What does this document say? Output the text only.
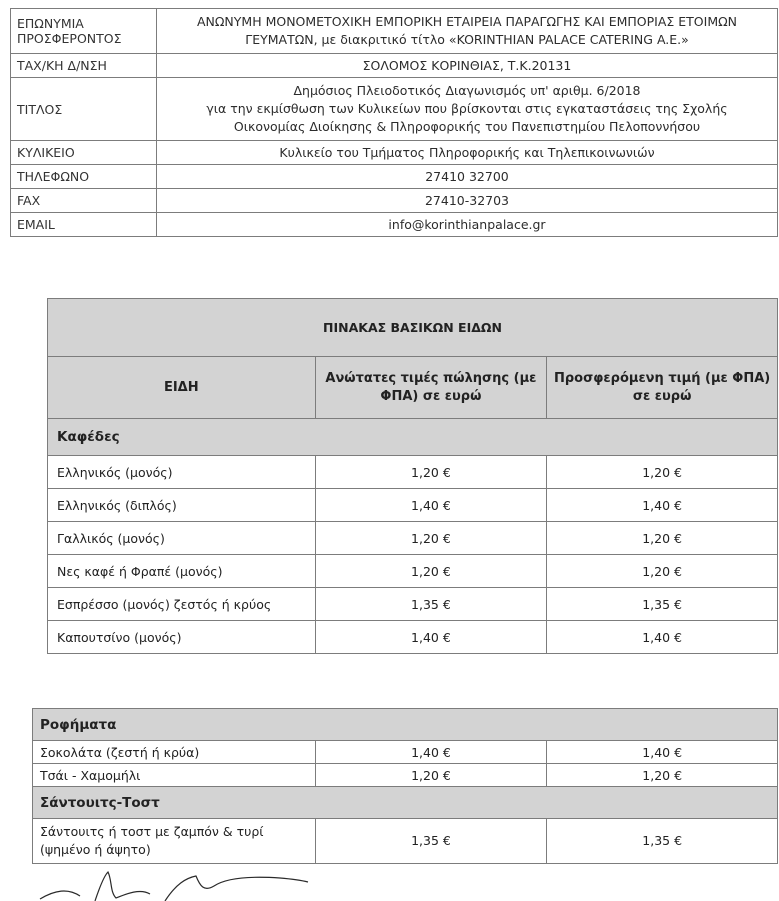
ΕΠΩΝΥΜΙΑ ΠΡΟΣΦΕΡΟΝΤΟΣ	ΑΝΩΝΥΜΗ ΜΟΝΟΜΕΤΟΧΙΚΗ ΕΜΠΟΡΙΚΗ ΕΤΑΙΡΕΙΑ ΠΑΡΑΓΩΓΗΣ ΚΑΙ ΕΜΠΟΡΙΑΣ ΕΤΟΙΜΩΝ
ΓΕΥΜΑΤΩΝ, με διακριτικό τίτλο «KORINTHIAN PALACE CATERING A.E.»

ΤΑΧ/ΚΗ Δ/ΝΣΗ	ΣΟΛΟΜΟΣ ΚΟΡΙΝΘΙΑΣ, Τ.Κ.20131
ΤΙΤΛΟΣ	Δημόσιος Πλειοδοτικός Διαγωνισμός υπ' αριθμ. 6/2018
για την εκμίσθωση των Κυλικείων που βρίσκονται στις εγκαταστάσεις της Σχολής
Οικονομίας Διοίκησης & Πληροφορικής του Πανεπιστημίου Πελοποννήσου

ΚΥΛΙΚΕΙΟ	Κυλικείο του Τμήματος Πληροφορικής και Τηλεπικοινωνιών
ΤΗΛΕΦΩΝΟ	27410 32700
FAX	27410-32703
EMAIL	info@korinthianpalace.gr
ΠΙΝΑΚΑΣ ΒΑΣΙΚΩΝ ΕΙΔΩΝ		
ΕΙΔΗ	Ανώτατες τιμές πώλησης (με ΦΠΑ) σε ευρώ	Προσφερόμενη τιμή (με ΦΠΑ) σε ευρώ
Καφέδες		
Ελληνικός (μονός)	1,20 €	1,20 €
Ελληνικός (διπλός)	1,40 €	1,40 €
Γαλλικός (μονός)	1,20 €	1,20 €
Νες καφέ ή Φραπέ (μονός)	1,20 €	1,20 €
Εσπρέσσο (μονός) ζεστός ή κρύος	1,35 €	1,35 €
Καπουτσίνο (μονός)	1,40 €	1,40 €
Ροφήματα		
Σοκολάτα (ζεστή ή κρύα)	1,40 €	1,40 €
Τσάι - Χαμομήλι	1,20 €	1,20 €
Σάντουιτς-Τοστ		

Σάντουιτς ή τοστ με ζαμπόν & τυρί
(ψημένο ή άψητο)	1,35 €	1,35 €
